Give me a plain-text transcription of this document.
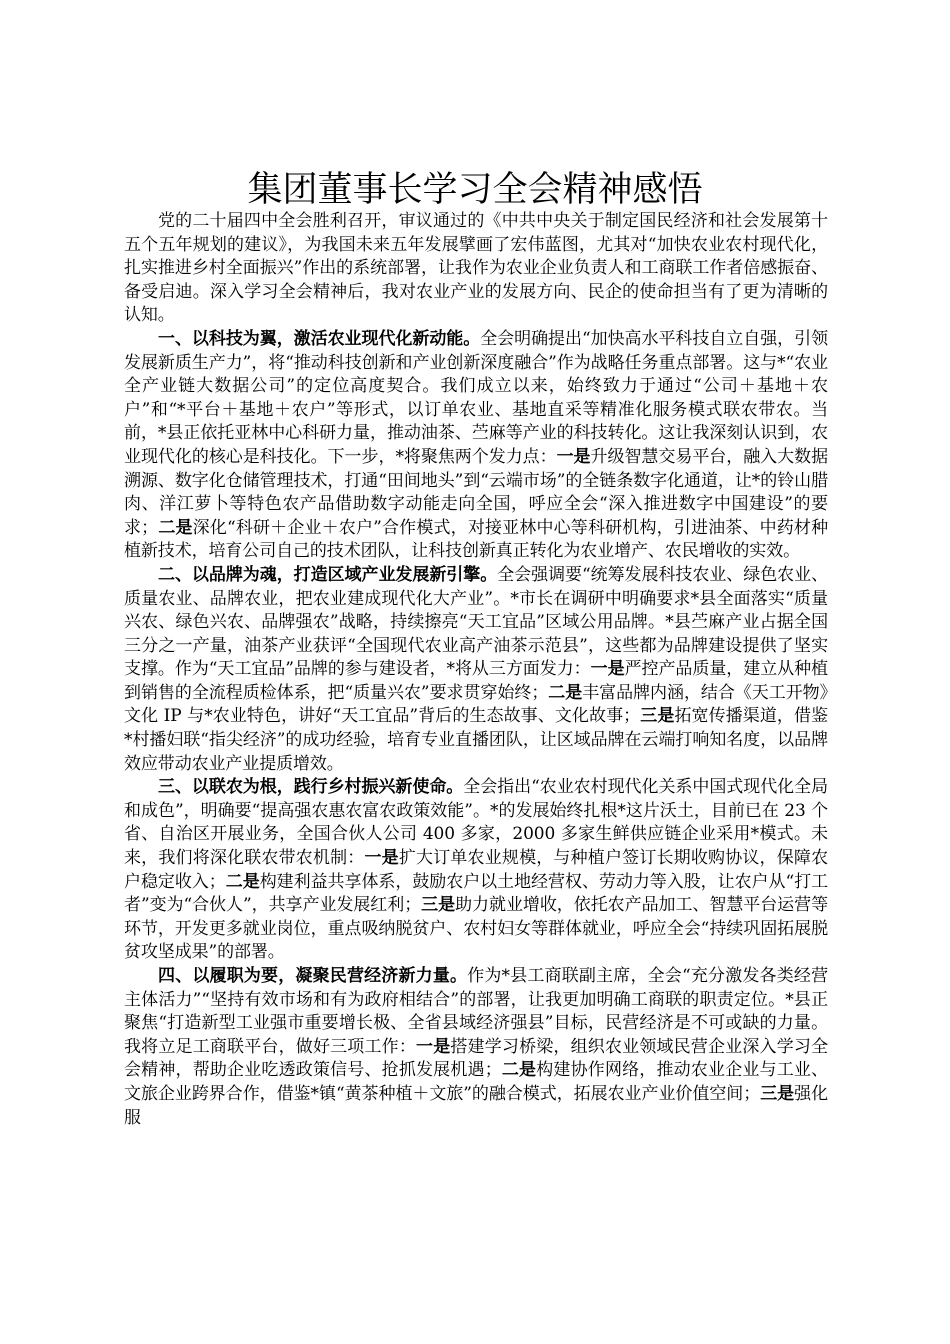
集团董事长学习全会精神感悟

党的二十届四中全会胜利召开，审议通过的《中共中央关于制定国民经济和社会发展第十五个五年规划的建议》，为我国未来五年发展擘画了宏伟蓝图，尤其对“加快农业农村现代化，扎实推进乡村全面振兴”作出的系统部署，让我作为农业企业负责人和工商联工作者倍感振奋、备受启迪。深入学习全会精神后，我对农业产业的发展方向、民企的使命担当有了更为清晰的认知。

一、以科技为翼，激活农业现代化新动能。全会明确提出“加快高水平科技自立自强，引领发展新质生产力”，将“推动科技创新和产业创新深度融合”作为战略任务重点部署。这与*“农业全产业链大数据公司”的定位高度契合。我们成立以来，始终致力于通过“公司＋基地＋农户”和“*平台＋基地＋农户”等形式，以订单农业、基地直采等精准化服务模式联农带农。当前，*县正依托亚林中心科研力量，推动油茶、苎麻等产业的科技转化。这让我深刻认识到，农业现代化的核心是科技化。下一步，*将聚焦两个发力点：一是升级智慧交易平台，融入大数据溯源、数字化仓储管理技术，打通“田间地头”到“云端市场”的全链条数字化通道，让*的铃山腊肉、洋江萝卜等特色农产品借助数字动能走向全国，呼应全会“深入推进数字中国建设”的要求；二是深化“科研＋企业＋农户”合作模式，对接亚林中心等科研机构，引进油茶、中药材种植新技术，培育公司自己的技术团队，让科技创新真正转化为农业增产、农民增收的实效。

二、以品牌为魂，打造区域产业发展新引擎。全会强调要“统筹发展科技农业、绿色农业、质量农业、品牌农业，把农业建成现代化大产业”。*市长在调研中明确要求*县全面落实“质量兴农、绿色兴农、品牌强农”战略，持续擦亮“天工宜品”区域公用品牌。*县苎麻产业占据全国三分之一产量，油茶产业获评“全国现代农业高产油茶示范县”，这些都为品牌建设提供了坚实支撑。作为“天工宜品”品牌的参与建设者，*将从三方面发力：一是严控产品质量，建立从种植到销售的全流程质检体系，把“质量兴农”要求贯穿始终；二是丰富品牌内涵，结合《天工开物》文化 IP 与*农业特色，讲好“天工宜品”背后的生态故事、文化故事；三是拓宽传播渠道，借鉴*村播妇联“指尖经济”的成功经验，培育专业直播团队，让区域品牌在云端打响知名度，以品牌效应带动农业产业提质增效。

三、以联农为根，践行乡村振兴新使命。全会指出“农业农村现代化关系中国式现代化全局和成色”，明确要“提高强农惠农富农政策效能”。*的发展始终扎根*这片沃土，目前已在 23 个省、自治区开展业务，全国合伙人公司 400 多家，2000 多家生鲜供应链企业采用*模式。未来，我们将深化联农带农机制：一是扩大订单农业规模，与种植户签订长期收购协议，保障农户稳定收入；二是构建利益共享体系，鼓励农户以土地经营权、劳动力等入股，让农户从“打工者”变为“合伙人”，共享产业发展红利；三是助力就业增收，依托农产品加工、智慧平台运营等环节，开发更多就业岗位，重点吸纳脱贫户、农村妇女等群体就业，呼应全会“持续巩固拓展脱贫攻坚成果”的部署。

四、以履职为要，凝聚民营经济新力量。作为*县工商联副主席，全会“充分激发各类经营主体活力”“坚持有效市场和有为政府相结合”的部署，让我更加明确工商联的职责定位。*县正聚焦“打造新型工业强市重要增长极、全省县域经济强县”目标，民营经济是不可或缺的力量。我将立足工商联平台，做好三项工作：一是搭建学习桥梁，组织农业领域民营企业深入学习全会精神，帮助企业吃透政策信号、抢抓发展机遇；二是构建协作网络，推动农业企业与工业、文旅企业跨界合作，借鉴*镇“黄茶种植＋文旅”的融合模式，拓展农业产业价值空间；三是强化服
